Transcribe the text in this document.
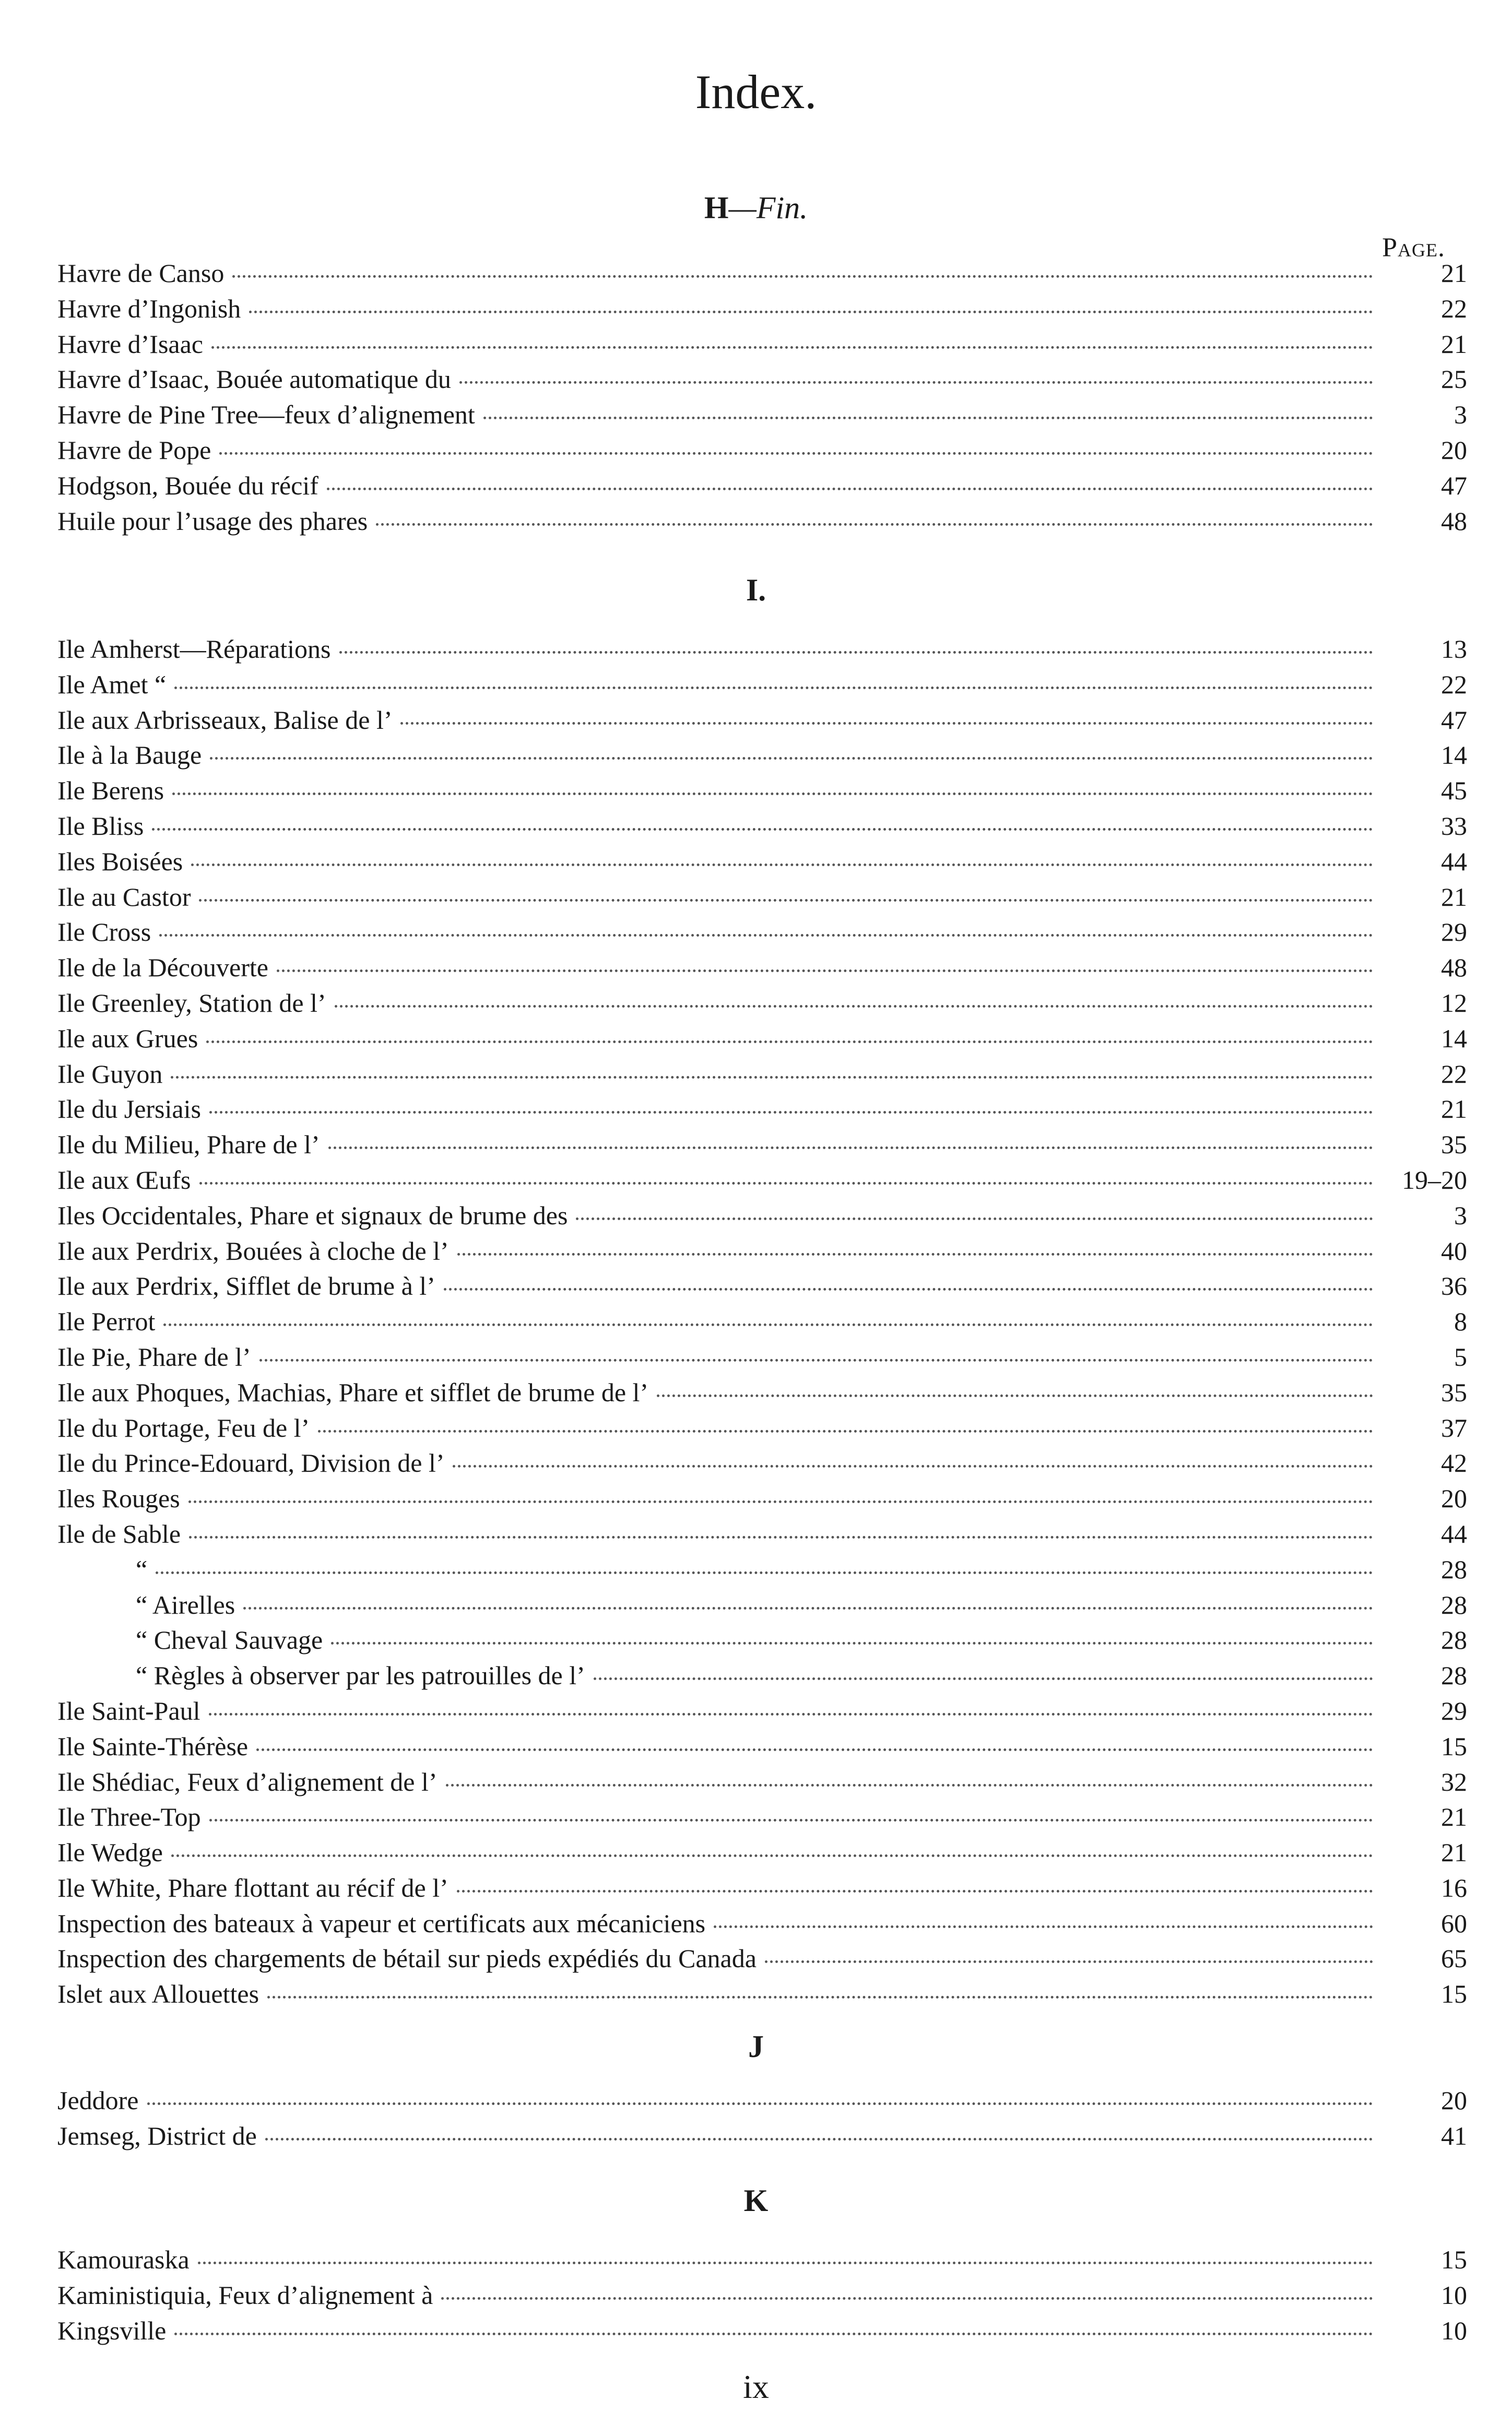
Index.
H—Fin.
Page.
Havre de Canso	21
Havre d’Ingonish	22
Havre d’Isaac	21
Havre d’Isaac, Bouée automatique du	25
Havre de Pine Tree—feux d’alignement	3
Havre de Pope	20
Hodgson, Bouée du récif	47
Huile pour l’usage des phares	48
I.
Ile Amherst—Réparations	13
Ile Amet “	22
Ile aux Arbrisseaux, Balise de l’	47
Ile à la Bauge	14
Ile Berens	45
Ile Bliss	33
Iles Boisées	44
Ile au Castor	21
Ile Cross	29
Ile de la Découverte	48
Ile Greenley, Station de l’	12
Ile aux Grues	14
Ile Guyon	22
Ile du Jersiais	21
Ile du Milieu, Phare de l’	35
Ile aux Œufs	19–20
Iles Occidentales, Phare et signaux de brume des	3
Ile aux Perdrix, Bouées à cloche de l’	40
Ile aux Perdrix, Sifflet de brume à l’	36
Ile Perrot	8
Ile Pie, Phare de l’	5
Ile aux Phoques, Machias, Phare et sifflet de brume de l’	35
Ile du Portage, Feu de l’	37
Ile du Prince-Edouard, Division de l’	42
Iles Rouges	20
Ile de Sable	44
“	28
“ Airelles	28
“ Cheval Sauvage	28
“ Règles à observer par les patrouilles de l’	28
Ile Saint-Paul	29
Ile Sainte-Thérèse	15
Ile Shédiac, Feux d’alignement de l’	32
Ile Three-Top	21
Ile Wedge	21
Ile White, Phare flottant au récif de l’	16
Inspection des bateaux à vapeur et certificats aux mécaniciens	60
Inspection des chargements de bétail sur pieds expédiés du Canada	65
Islet aux Allouettes	15
J
Jeddore	20
Jemseg, District de	41
K
Kamouraska	15
Kaministiquia, Feux d’alignement à	10
Kingsville	10
ix
